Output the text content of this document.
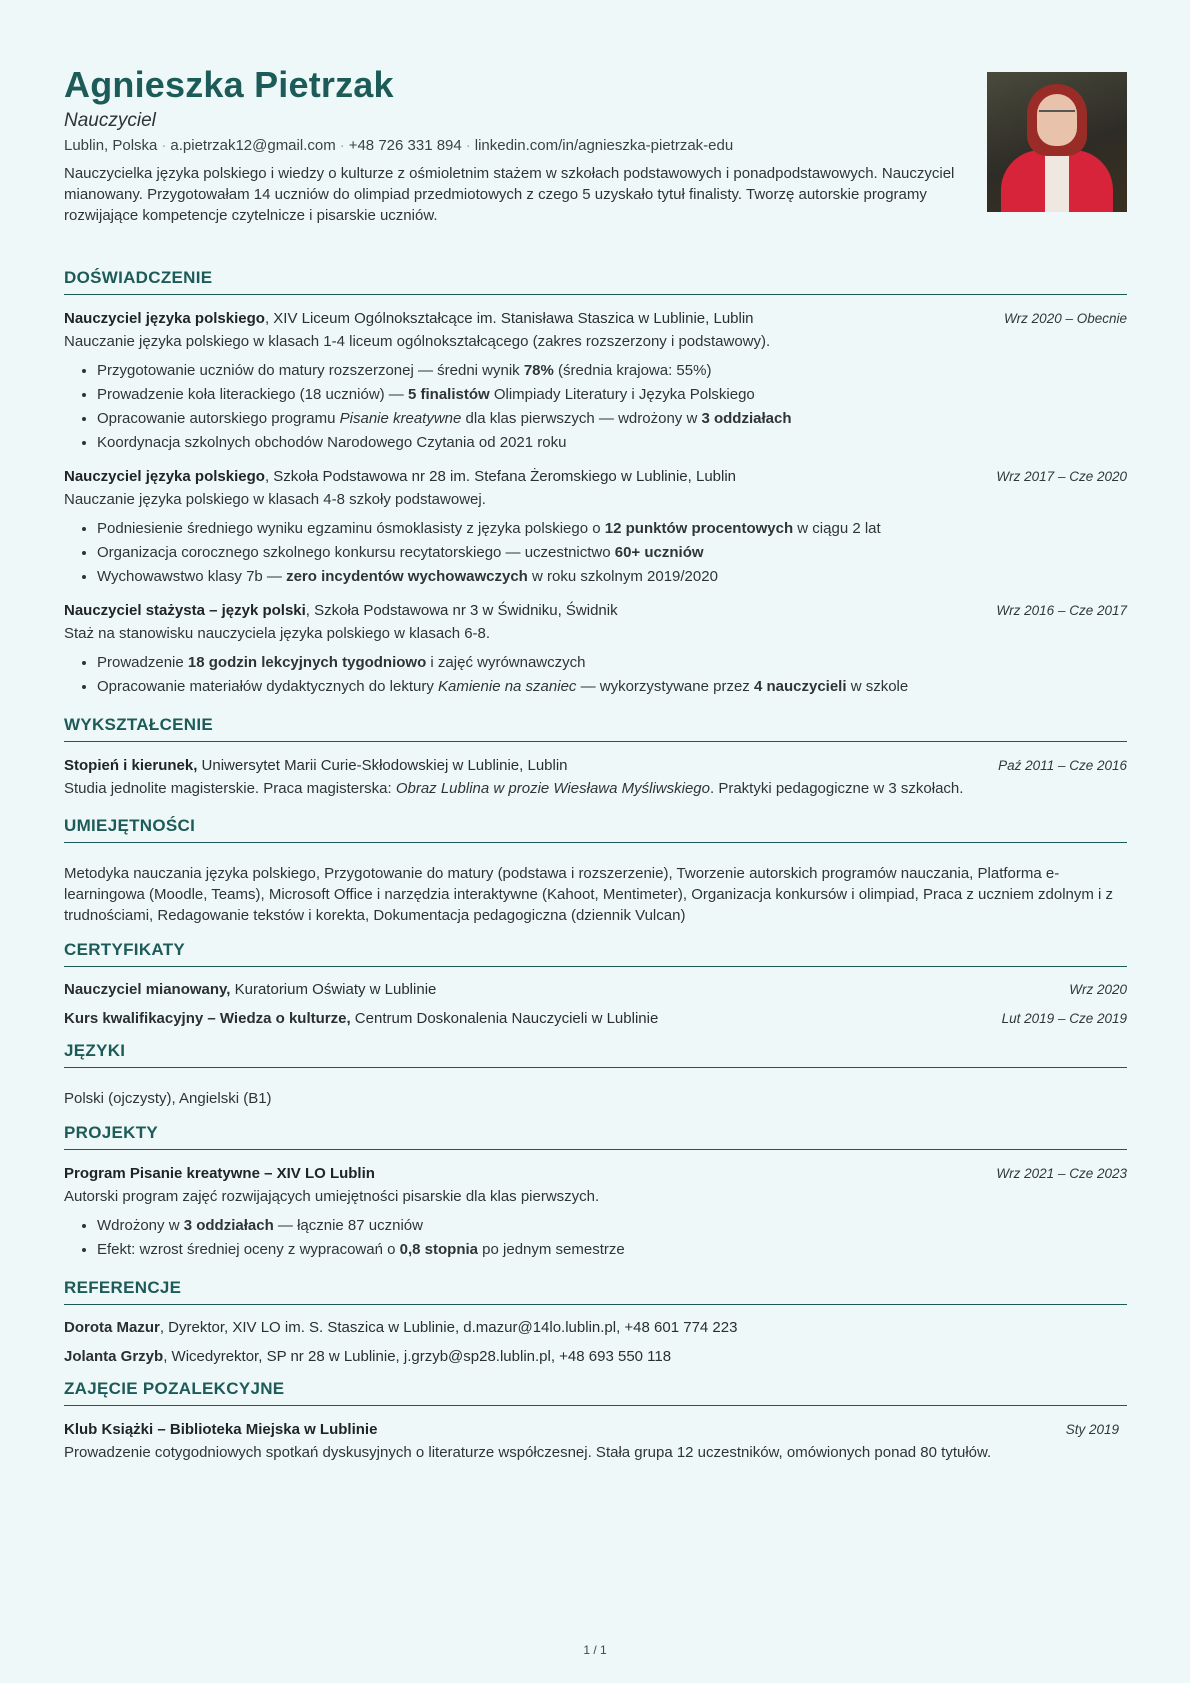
Agnieszka Pietrzak
Nauczyciel
Lublin, Polska · a.pietrzak12@gmail.com · +48 726 331 894 · linkedin.com/in/agnieszka-pietrzak-edu
Nauczycielka języka polskiego i wiedzy o kulturze z ośmioletnim stażem w szkołach podstawowych i ponadpodstawowych. Nauczyciel mianowany. Przygotowałam 14 uczniów do olimpiad przedmiotowych z czego 5 uzyskało tytuł finalisty. Tworzę autorskie programy rozwijające kompetencje czytelnicze i pisarskie uczniów.
DOŚWIADCZENIE
Nauczyciel języka polskiego, XIV Liceum Ogólnokształcące im. Stanisława Staszica w Lublinie, Lublin	Wrz 2020 – Obecnie
Nauczanie języka polskiego w klasach 1-4 liceum ogólnokształcącego (zakres rozszerzony i podstawowy).
• Przygotowanie uczniów do matury rozszerzonej — średni wynik 78% (średnia krajowa: 55%)
• Prowadzenie koła literackiego (18 uczniów) — 5 finalistów Olimpiady Literatury i Języka Polskiego
• Opracowanie autorskiego programu Pisanie kreatywne dla klas pierwszych — wdrożony w 3 oddziałach
• Koordynacja szkolnych obchodów Narodowego Czytania od 2021 roku
Nauczyciel języka polskiego, Szkoła Podstawowa nr 28 im. Stefana Żeromskiego w Lublinie, Lublin	Wrz 2017 – Cze 2020
Nauczanie języka polskiego w klasach 4-8 szkoły podstawowej.
• Podniesienie średniego wyniku egzaminu ósmoklasisty z języka polskiego o 12 punktów procentowych w ciągu 2 lat
• Organizacja corocznego szkolnego konkursu recytatorskiego — uczestnictwo 60+ uczniów
• Wychowawstwo klasy 7b — zero incydentów wychowawczych w roku szkolnym 2019/2020
Nauczyciel stażysta – język polski, Szkoła Podstawowa nr 3 w Świdniku, Świdnik	Wrz 2016 – Cze 2017
Staż na stanowisku nauczyciela języka polskiego w klasach 6-8.
• Prowadzenie 18 godzin lekcyjnych tygodniowo i zajęć wyrównawczych
• Opracowanie materiałów dydaktycznych do lektury Kamienie na szaniec — wykorzystywane przez 4 nauczycieli w szkole
WYKSZTAŁCENIE
Stopień i kierunek, Uniwersytet Marii Curie-Skłodowskiej w Lublinie, Lublin	Paź 2011 – Cze 2016
Studia jednolite magisterskie. Praca magisterska: Obraz Lublina w prozie Wiesława Myśliwskiego. Praktyki pedagogiczne w 3 szkołach.
UMIEJĘTNOŚCI
Metodyka nauczania języka polskiego, Przygotowanie do matury (podstawa i rozszerzenie), Tworzenie autorskich programów nauczania, Platforma e-learningowa (Moodle, Teams), Microsoft Office i narzędzia interaktywne (Kahoot, Mentimeter), Organizacja konkursów i olimpiad, Praca z uczniem zdolnym i z trudnościami, Redagowanie tekstów i korekta, Dokumentacja pedagogiczna (dziennik Vulcan)
CERTYFIKATY
Nauczyciel mianowany, Kuratorium Oświaty w Lublinie	Wrz 2020
Kurs kwalifikacyjny – Wiedza o kulturze, Centrum Doskonalenia Nauczycieli w Lublinie	Lut 2019 – Cze 2019
JĘZYKI
Polski (ojczysty), Angielski (B1)
PROJEKTY
Program Pisanie kreatywne – XIV LO Lublin	Wrz 2021 – Cze 2023
Autorski program zajęć rozwijających umiejętności pisarskie dla klas pierwszych.
• Wdrożony w 3 oddziałach — łącznie 87 uczniów
• Efekt: wzrost średniej oceny z wypracowań o 0,8 stopnia po jednym semestrze
REFERENCJE
Dorota Mazur, Dyrektor, XIV LO im. S. Staszica w Lublinie, d.mazur@14lo.lublin.pl, +48 601 774 223
Jolanta Grzyb, Wicedyrektor, SP nr 28 w Lublinie, j.grzyb@sp28.lublin.pl, +48 693 550 118
ZAJĘCIE POZALEKCYJNE
Klub Książki – Biblioteka Miejska w Lublinie	Sty 2019
Prowadzenie cotygodniowych spotkań dyskusyjnych o literaturze współczesnej. Stała grupa 12 uczestników, omówionych ponad 80 tytułów.
1 / 1
